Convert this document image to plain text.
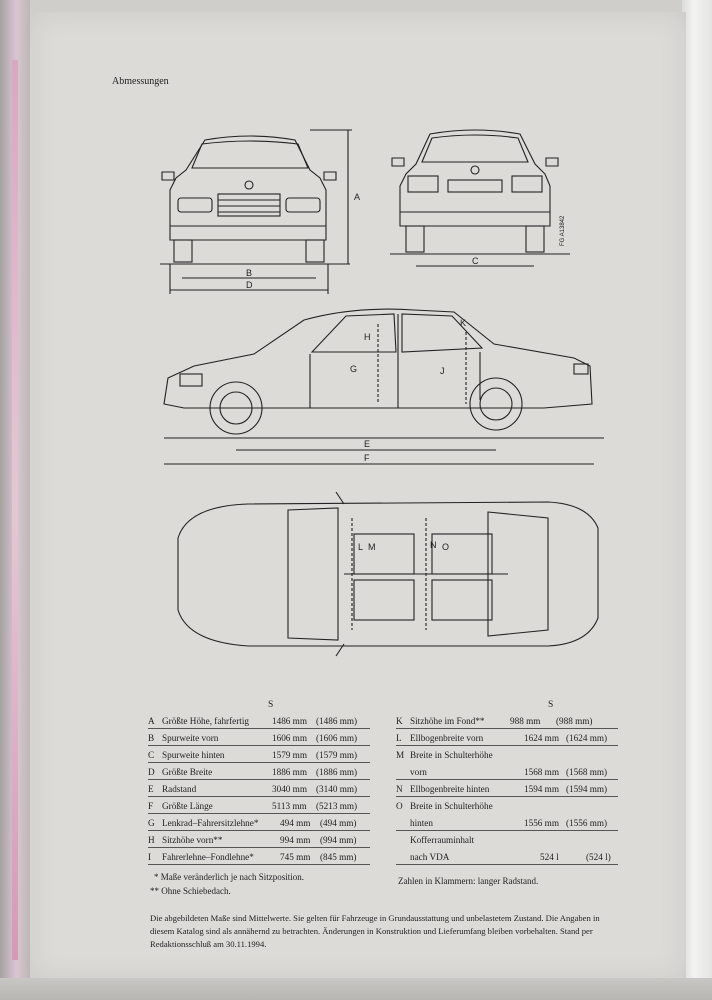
Abmessungen
A
B
D
C
FG A13842
E
F
H
G	J
K
L M	N O
S
A Größte Höhe, fahrfertig	1486 mm (1486 mm)
B Spurweite vorn	1606 mm (1606 mm)
C Spurweite hinten	1579 mm (1579 mm)
D Größte Breite	1886 mm (1886 mm)
E Radstand	3040 mm (3140 mm)
F Größte Länge	5113 mm (5213 mm)
G Lenkrad–Fahrersitzlehne* 494 mm (494 mm)
H Sitzhöhe vorn**	994 mm (994 mm)
I Fahrerlehne–Fondlehne*	745 mm (845 mm)
S
K Sitzhöhe im Fond**	988 mm (988 mm)
L Ellbogenbreite vorn	1624 mm (1624 mm)
M Breite in Schulterhöhe
vorn	1568 mm (1568 mm)
N Ellbogenbreite hinten	1594 mm (1594 mm)
O Breite in Schulterhöhe
hinten	1556 mm (1556 mm)
Kofferrauminhalt
nach VDA	524 l	(524 l)
* Maße veränderlich je nach Sitzposition.
** Ohne Schiebedach.
Zahlen in Klammern: langer Radstand.
Die abgebildeten Maße sind Mittelwerte. Sie gelten für Fahrzeuge in Grundausstattung und unbelastetem Zustand. Die Angaben in diesem Katalog sind als annähernd zu betrachten. Änderungen in Konstruktion und Lieferumfang bleiben vorbehalten. Stand per Redaktionsschluß am 30.11.1994.
